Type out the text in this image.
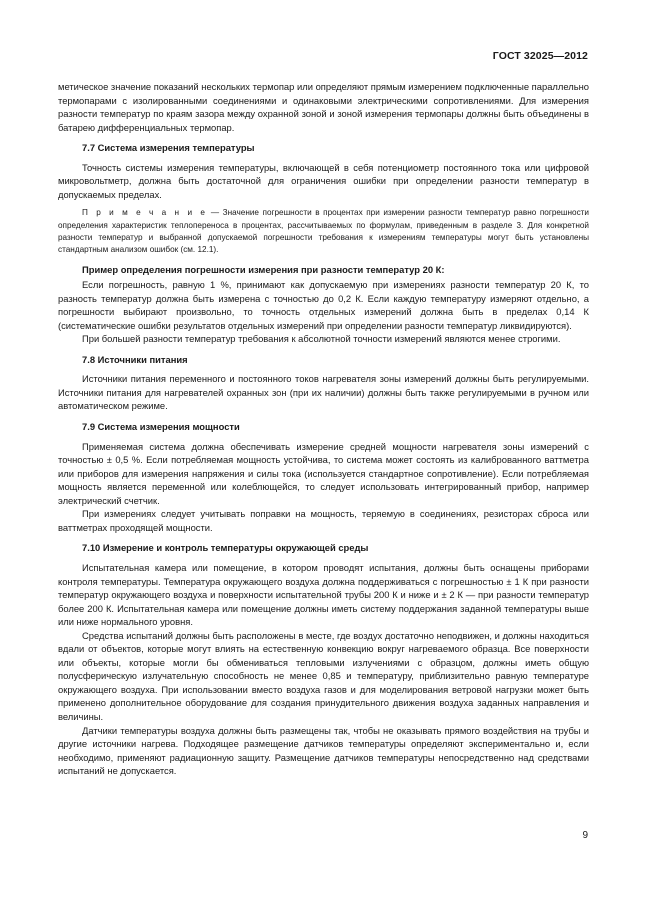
ГОСТ 32025—2012

метическое значение показаний нескольких термопар или определяют прямым измерением подключенные параллельно термопарами с изолированными соединениями и одинаковыми электрическими сопротивлениями. Для измерения разности температур по краям зазора между охранной зоной и зоной измерения термопары должны быть объединены в батарею дифференциальных термопар.

7.7 Система измерения температуры

Точность системы измерения температуры, включающей в себя потенциометр постоянного тока или цифровой микровольтметр, должна быть достаточной для ограничения ошибки при определении разности температур в допускаемых пределах.

П р и м е ч а н и е — Значение погрешности в процентах при измерении разности температур равно погрешности определения характеристик теплопереноса в процентах, рассчитываемых по формулам, приведенным в разделе 3. Для конкретной разности температур и выбранной допускаемой погрешности требования к измерениям температуры могут быть установлены стандартным анализом ошибок (см. 12.1).

Пример определения погрешности измерения при разности температур 20 К:

Если погрешность, равную 1 %, принимают как допускаемую при измерениях разности температур 20 К, то разность температур должна быть измерена с точностью до 0,2 К. Если каждую температуру измеряют отдельно, а погрешности выбирают произвольно, то точность отдельных измерений должна быть в пределах 0,14 К (систематические ошибки результатов отдельных измерений при определении разности температур ликвидируются).

При большей разности температур требования к абсолютной точности измерений являются менее строгими.

7.8 Источники питания

Источники питания переменного и постоянного токов нагревателя зоны измерений должны быть регулируемыми. Источники питания для нагревателей охранных зон (при их наличии) должны быть также регулируемыми в ручном или автоматическом режиме.

7.9 Система измерения мощности

Применяемая система должна обеспечивать измерение средней мощности нагревателя зоны измерений с точностью ± 0,5 %. Если потребляемая мощность устойчива, то система может состоять из калиброванного ваттметра или приборов для измерения напряжения и силы тока (используется стандартное сопротивление). Если потребляемая мощность является переменной или колеблющейся, то следует использовать интегрированный прибор, например электрический счетчик.

При измерениях следует учитывать поправки на мощность, теряемую в соединениях, резисторах сброса или ваттметрах проходящей мощности.

7.10 Измерение и контроль температуры окружающей среды

Испытательная камера или помещение, в котором проводят испытания, должны быть оснащены приборами контроля температуры. Температура окружающего воздуха должна поддерживаться с погрешностью ± 1 К при разности температур окружающего воздуха и поверхности испытательной трубы 200 К и ниже и ± 2 К — при разности температур более 200 К. Испытательная камера или помещение должны иметь систему поддержания заданной температуры выше или ниже нормального уровня.

Средства испытаний должны быть расположены в месте, где воздух достаточно неподвижен, и должны находиться вдали от объектов, которые могут влиять на естественную конвекцию вокруг нагреваемого образца. Все поверхности или объекты, которые могли бы обмениваться тепловыми излучениями с образцом, должны иметь общую полусферическую излучательную способность не менее 0,85 и температуру, приблизительно равную температуре окружающего воздуха. При использовании вместо воздуха газов и для моделирования ветровой нагрузки может быть применено дополнительное оборудование для создания принудительного движения воздуха заданных направления и величины.

Датчики температуры воздуха должны быть размещены так, чтобы не оказывать прямого воздействия на трубы и другие источники нагрева. Подходящее размещение датчиков температуры определяют экспериментально и, если необходимо, применяют радиационную защиту. Размещение датчиков температуры непосредственно над средствами испытаний не допускается.

9
